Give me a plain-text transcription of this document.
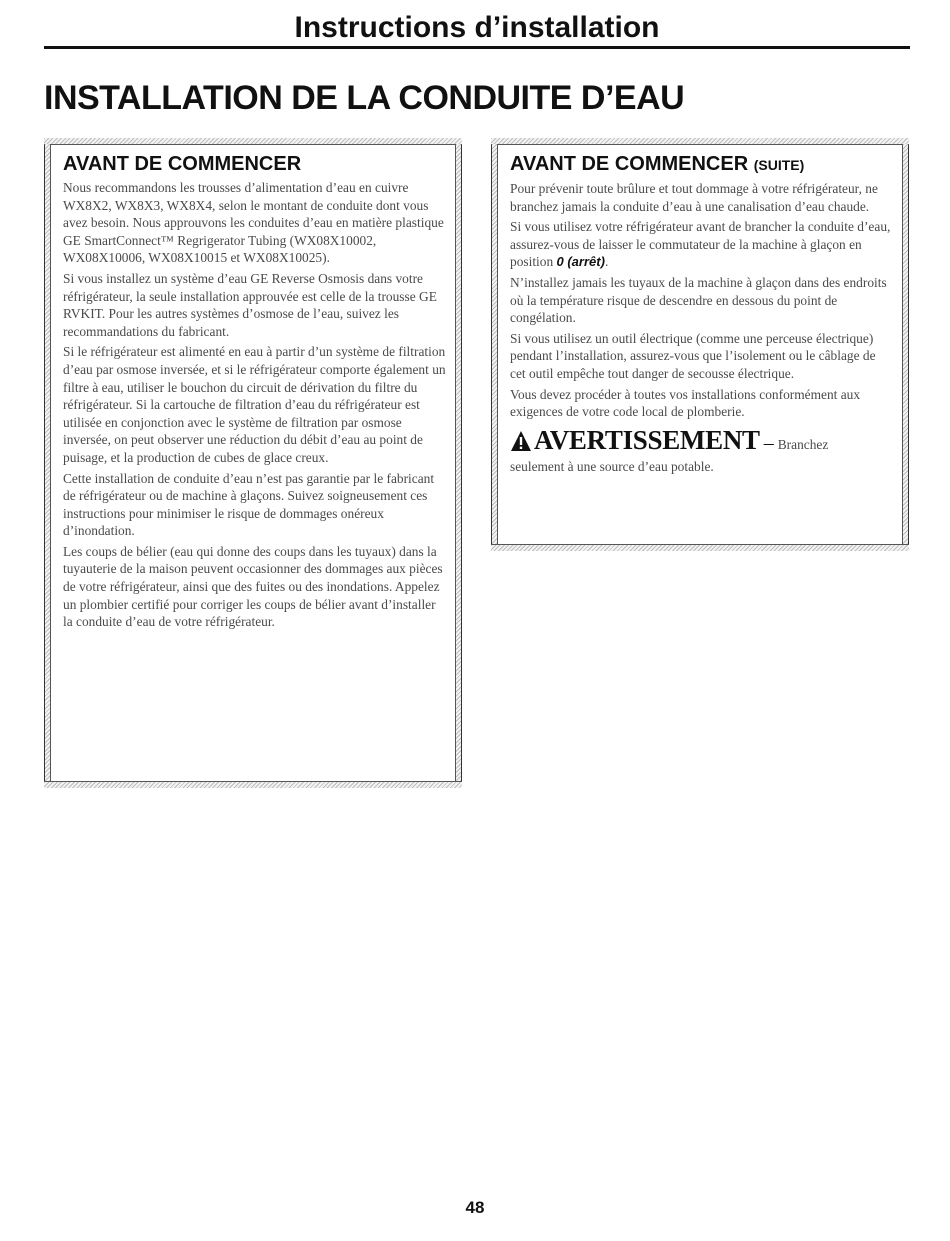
Instructions d’installation
INSTALLATION DE LA CONDUITE D’EAU
AVANT DE COMMENCER

Nous recommandons les trousses d’alimentation d’eau en cuivre WX8X2, WX8X3, WX8X4, selon le montant de conduite dont vous avez besoin. Nous approuvons les conduites d’eau en matière plastique GE SmartConnect™ Regrigerator Tubing (WX08X10002, WX08X10006, WX08X10015 et WX08X10025).

Si vous installez un système d’eau GE Reverse Osmosis dans votre réfrigérateur, la seule installation approuvée est celle de la trousse GE RVKIT. Pour les autres systèmes d’osmose de l’eau, suivez les recommandations du fabricant.

Si le réfrigérateur est alimenté en eau à partir d’un système de filtration d’eau par osmose inversée, et si le réfrigérateur comporte également un filtre à eau, utiliser le bouchon du circuit de dérivation du filtre du réfrigérateur. Si la cartouche de filtration d’eau du réfrigérateur est utilisée en conjonction avec le système de filtration par osmose inversée, on peut observer une réduction du débit d’eau au point de puisage, et la production de cubes de glace creux.

Cette installation de conduite d’eau n’est pas garantie par le fabricant de réfrigérateur ou de machine à glaçons. Suivez soigneusement ces instructions pour minimiser le risque de dommages onéreux d’inondation.

Les coups de bélier (eau qui donne des coups dans les tuyaux) dans la tuyauterie de la maison peuvent occasionner des dommages aux pièces de votre réfrigérateur, ainsi que des fuites ou des inondations. Appelez un plombier certifié pour corriger les coups de bélier avant d’installer la conduite d’eau de votre réfrigérateur.

AVANT DE COMMENCER (SUITE)

Pour prévenir toute brûlure et tout dommage à votre réfrigérateur, ne branchez jamais la conduite d’eau à une canalisation d’eau chaude.

Si vous utilisez votre réfrigérateur avant de brancher la conduite d’eau, assurez-vous de laisser le commutateur de la machine à glaçon en position 0 (arrêt).

N’installez jamais les tuyaux de la machine à glaçon dans des endroits où la température risque de descendre en dessous du point de congélation.

Si vous utilisez un outil électrique (comme une perceuse électrique) pendant l’installation, assurez-vous que l’isolement ou le câblage de cet outil empêche tout danger de secousse électrique.

Vous devez procéder à toutes vos installations conformément aux exigences de votre code local de plomberie.

AVERTISSEMENT – Branchez

seulement à une source d’eau potable.

48
